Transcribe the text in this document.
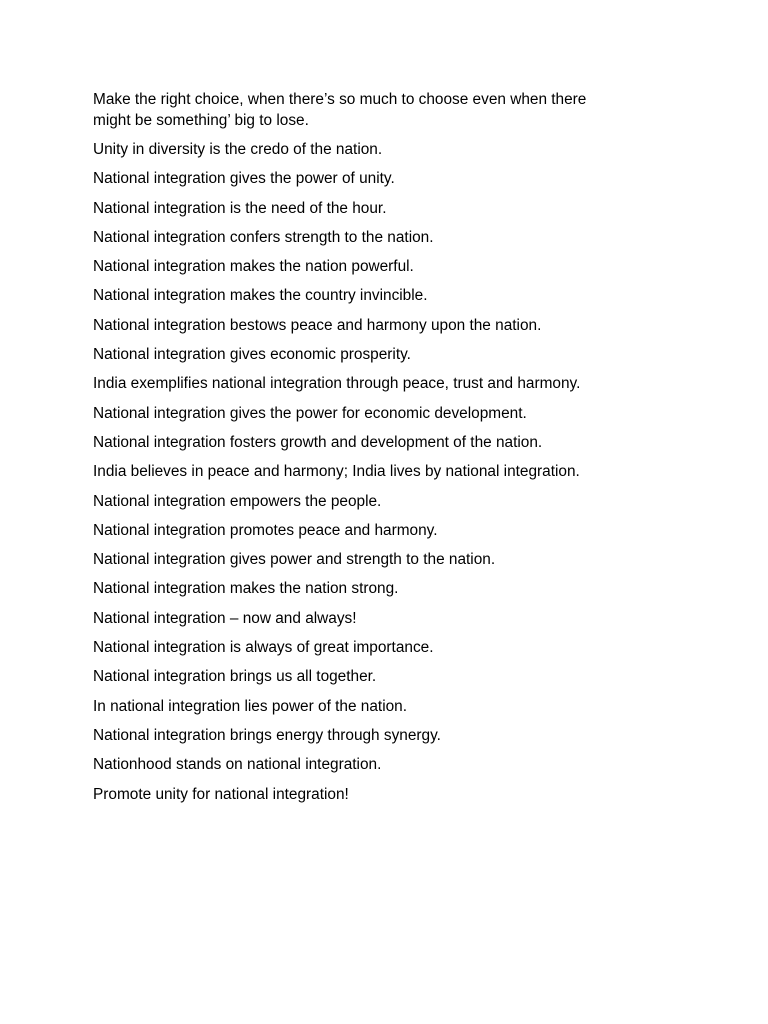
Make the right choice, when there’s so much to choose even when there
might be something’ big to lose.

Unity in diversity is the credo of the nation.

National integration gives the power of unity.

National integration is the need of the hour.

National integration confers strength to the nation.

National integration makes the nation powerful.

National integration makes the country invincible.

National integration bestows peace and harmony upon the nation.

National integration gives economic prosperity.

India exemplifies national integration through peace, trust and harmony.

National integration gives the power for economic development.

National integration fosters growth and development of the nation.

India believes in peace and harmony; India lives by national integration.

National integration empowers the people.

National integration promotes peace and harmony.

National integration gives power and strength to the nation.

National integration makes the nation strong.

National integration – now and always!

National integration is always of great importance.

National integration brings us all together.

In national integration lies power of the nation.

National integration brings energy through synergy.

Nationhood stands on national integration.

Promote unity for national integration!
